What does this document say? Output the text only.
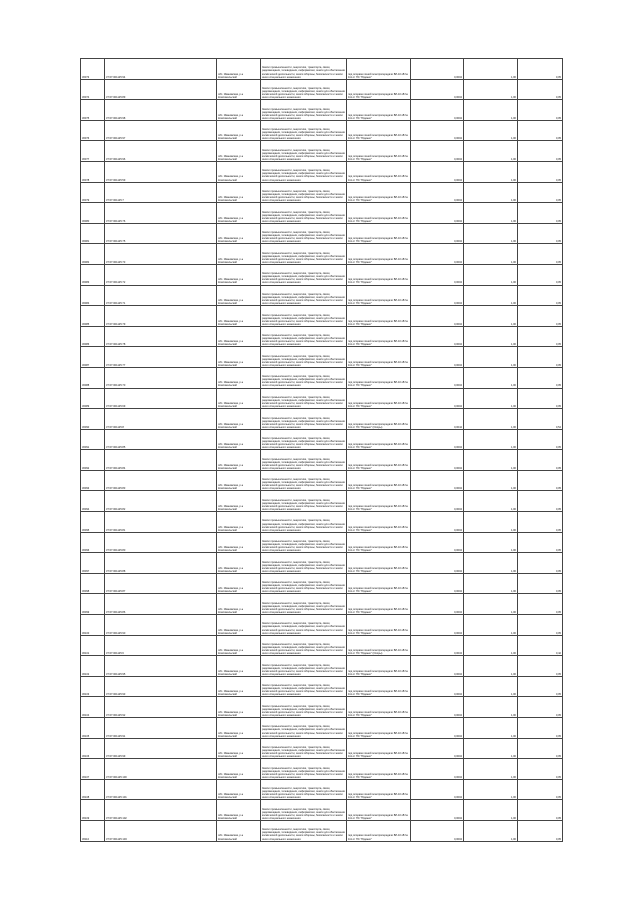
36073	37:07:001125:94	обл. Ивановская, р-н Комсомольский	Земли промышленности, энергетики, транспорта, связи, радиовещания, телевидения, информатики, земли для обеспечения космической деятельности, земли обороны, безопасности и земли иного специального назначения	под опорами линий электропередачи ВЛ-10 кВ № 111 от ПС "Юдинки"	0,0004	1,00	0,05
36074	37:07:001125:89	обл. Ивановская, р-н Комсомольский	Земли промышленности, энергетики, транспорта, связи, радиовещания, телевидения, информатики, земли для обеспечения космической деятельности, земли обороны, безопасности и земли иного специального назначения	под опорами линий электропередачи ВЛ-10 кВ № 111 от ПС "Юдинки"	0,0004	1,00	0,05
36075	37:07:001125:98	обл. Ивановская, р-н Комсомольский	Земли промышленности, энергетики, транспорта, связи, радиовещания, телевидения, информатики, земли для обеспечения космической деятельности, земли обороны, безопасности и земли иного специального назначения	под опорами линий электропередачи ВЛ-10 кВ № 111 от ПС "Юдинки"	0,0004	1,00	0,05
36076	37:07:001125:97	обл. Ивановская, р-н Комсомольский	Земли промышленности, энергетики, транспорта, связи, радиовещания, телевидения, информатики, земли для обеспечения космической деятельности, земли обороны, безопасности и земли иного специального назначения	под опорами линий электропередачи ВЛ-10 кВ № 111 от ПС "Юдинки"	0,0004	1,00	0,05
36077	37:07:001125:96	обл. Ивановская, р-н Комсомольский	Земли промышленности, энергетики, транспорта, связи, радиовещания, телевидения, информатики, земли для обеспечения космической деятельности, земли обороны, безопасности и земли иного специального назначения	под опорами линий электропередачи ВЛ-10 кВ № 111 от ПС "Юдинки"	0,0004	1,00	0,05
36078	37:07:001125:59	обл. Ивановская, р-н Комсомольский	Земли промышленности, энергетики, транспорта, связи, радиовещания, телевидения, информатики, земли для обеспечения космической деятельности, земли обороны, безопасности и земли иного специального назначения	под опорами линий электропередачи ВЛ-10 кВ № 111 от ПС "Юдинки"	0,0004	1,00	0,05
36079	37:07:001125:7	обл. Ивановская, р-н Комсомольский	Земли промышленности, энергетики, транспорта, связи, радиовещания, телевидения, информатики, земли для обеспечения космической деятельности, земли обороны, безопасности и земли иного специального назначения	под опорами линий электропередачи ВЛ-10 кВ № 111 от ПС "Юдинки"	0,0004	1,00	0,05
36080	37:07:001125:76	обл. Ивановская, р-н Комсомольский	Земли промышленности, энергетики, транспорта, связи, радиовещания, телевидения, информатики, земли для обеспечения космической деятельности, земли обороны, безопасности и земли иного специального назначения	под опорами линий электропередачи ВЛ-10 кВ № 111 от ПС "Юдинки"	0,0004	1,00	0,05
36081	37:07:001125:75	обл. Ивановская, р-н Комсомольский	Земли промышленности, энергетики, транспорта, связи, радиовещания, телевидения, информатики, земли для обеспечения космической деятельности, земли обороны, безопасности и земли иного специального назначения	под опорами линий электропередачи ВЛ-10 кВ № 111 от ПС "Юдинки"	0,0004	1,00	0,05
36082	37:07:001125:73	обл. Ивановская, р-н Комсомольский	Земли промышленности, энергетики, транспорта, связи, радиовещания, телевидения, информатики, земли для обеспечения космической деятельности, земли обороны, безопасности и земли иного специального назначения	под опорами линий электропередачи ВЛ-10 кВ № 111 от ПС "Юдинки"	0,0004	1,00	0,05
36083	37:07:001125:72	обл. Ивановская, р-н Комсомольский	Земли промышленности, энергетики, транспорта, связи, радиовещания, телевидения, информатики, земли для обеспечения космической деятельности, земли обороны, безопасности и земли иного специального назначения	под опорами линий электропередачи ВЛ-10 кВ № 111 от ПС "Юдинки"	0,0004	1,00	0,05
36084	37:07:001125:71	обл. Ивановская, р-н Комсомольский	Земли промышленности, энергетики, транспорта, связи, радиовещания, телевидения, информатики, земли для обеспечения космической деятельности, земли обороны, безопасности и земли иного специального назначения	под опорами линий электропередачи ВЛ-10 кВ № 111 от ПС "Юдинки"	0,0004	1,00	0,05
36085	37:07:001125:79	обл. Ивановская, р-н Комсомольский	Земли промышленности, энергетики, транспорта, связи, радиовещания, телевидения, информатики, земли для обеспечения космической деятельности, земли обороны, безопасности и земли иного специального назначения	под опорами линий электропередачи ВЛ-10 кВ № 111 от ПС "Юдинки"	0,0004	1,00	0,05
36086	37:07:001125:78	обл. Ивановская, р-н Комсомольский	Земли промышленности, энергетики, транспорта, связи, радиовещания, телевидения, информатики, земли для обеспечения космической деятельности, земли обороны, безопасности и земли иного специального назначения	под опорами линий электропередачи ВЛ-10 кВ № 111 от ПС "Юдинки"	0,0004	1,00	0,05
36087	37:07:001125:77	обл. Ивановская, р-н Комсомольский	Земли промышленности, энергетики, транспорта, связи, радиовещания, телевидения, информатики, земли для обеспечения космической деятельности, земли обороны, безопасности и земли иного специального назначения	под опорами линий электропередачи ВЛ-10 кВ № 111 от ПС "Юдинки"	0,0004	1,00	0,05
36088	37:07:001125:70	обл. Ивановская, р-н Комсомольский	Земли промышленности, энергетики, транспорта, связи, радиовещания, телевидения, информатики, земли для обеспечения космической деятельности, земли обороны, безопасности и земли иного специального назначения	под опорами линий электропередачи ВЛ-10 кВ № 111 от ПС "Юдинки"	0,0004	1,00	0,05
36089	37:07:001125:69	обл. Ивановская, р-н Комсомольский	Земли промышленности, энергетики, транспорта, связи, радиовещания, телевидения, информатики, земли для обеспечения космической деятельности, земли обороны, безопасности и земли иного специального назначения	под опорами линий электропередачи ВЛ-10 кВ № 111 от ПС "Юдинки"	0,0004	1,00	0,05
36090	37:07:001125:8	обл. Ивановская, р-н Комсомольский	Земли промышленности, энергетики, транспорта, связи, радиовещания, телевидения, информатики, земли для обеспечения космической деятельности, земли обороны, безопасности и земли иного специального назначения	под опорами линий электропередачи ВЛ-10 кВ № 111 от ПС "Юдинки" (Опоры)	0,0044	1,00	0,54
36091	37:07:001125:85	обл. Ивановская, р-н Комсомольский	Земли промышленности, энергетики, транспорта, связи, радиовещания, телевидения, информатики, земли для обеспечения космической деятельности, земли обороны, безопасности и земли иного специального назначения	под опорами линий электропередачи ВЛ-10 кВ № 111 от ПС "Юдинки"	0,0004	1,00	0,05
36092	37:07:001125:84	обл. Ивановская, р-н Комсомольский	Земли промышленности, энергетики, транспорта, связи, радиовещания, телевидения, информатики, земли для обеспечения космической деятельности, земли обороны, безопасности и земли иного специального назначения	под опорами линий электропередачи ВЛ-10 кВ № 111 от ПС "Юдинки"	0,0004	1,00	0,05
36093	37:07:001125:83	обл. Ивановская, р-н Комсомольский	Земли промышленности, энергетики, транспорта, связи, радиовещания, телевидения, информатики, земли для обеспечения космической деятельности, земли обороны, безопасности и земли иного специального назначения	под опорами линий электропередачи ВЛ-10 кВ № 111 от ПС "Юдинки"	0,0004	1,00	0,05
36094	37:07:001125:82	обл. Ивановская, р-н Комсомольский	Земли промышленности, энергетики, транспорта, связи, радиовещания, телевидения, информатики, земли для обеспечения космической деятельности, земли обороны, безопасности и земли иного специального назначения	под опорами линий электропередачи ВЛ-10 кВ № 111 от ПС "Юдинки"	0,0004	1,00	0,05
36095	37:07:001125:81	обл. Ивановская, р-н Комсомольский	Земли промышленности, энергетики, транспорта, связи, радиовещания, телевидения, информатики, земли для обеспечения космической деятельности, земли обороны, безопасности и земли иного специального назначения	под опорами линий электропередачи ВЛ-10 кВ № 111 от ПС "Юдинки"	0,0004	1,00	0,05
36096	37:07:001125:80	обл. Ивановская, р-н Комсомольский	Земли промышленности, энергетики, транспорта, связи, радиовещания, телевидения, информатики, земли для обеспечения космической деятельности, земли обороны, безопасности и земли иного специального назначения	под опорами линий электропередачи ВЛ-10 кВ № 111 от ПС "Юдинки"	0,0004	1,00	0,05
36097	37:07:001125:88	обл. Ивановская, р-н Комсомольский	Земли промышленности, энергетики, транспорта, связи, радиовещания, телевидения, информатики, земли для обеспечения космической деятельности, земли обороны, безопасности и земли иного специального назначения	под опорами линий электропередачи ВЛ-10 кВ № 111 от ПС "Юдинки"	0,0004	1,00	0,05
36098	37:07:001125:87	обл. Ивановская, р-н Комсомольский	Земли промышленности, энергетики, транспорта, связи, радиовещания, телевидения, информатики, земли для обеспечения космической деятельности, земли обороны, безопасности и земли иного специального назначения	под опорами линий электропередачи ВЛ-10 кВ № 111 от ПС "Юдинки"	0,0004	1,00	0,05
36099	37:07:001125:86	обл. Ивановская, р-н Комсомольский	Земли промышленности, энергетики, транспорта, связи, радиовещания, телевидения, информатики, земли для обеспечения космической деятельности, земли обороны, безопасности и земли иного специального назначения	под опорами линий электропередачи ВЛ-10 кВ № 111 от ПС "Юдинки"	0,0004	1,00	0,05
36100	37:07:001125:90	обл. Ивановская, р-н Комсомольский	Земли промышленности, энергетики, транспорта, связи, радиовещания, телевидения, информатики, земли для обеспечения космической деятельности, земли обороны, безопасности и земли иного специального назначения	под опорами линий электропередачи ВЛ-10 кВ № 111 от ПС "Юдинки"	0,0004	1,00	0,05
36101	37:07:001125:6	обл. Ивановская, р-н Комсомольский	Земли промышленности, энергетики, транспорта, связи, радиовещания, телевидения, информатики, земли для обеспечения космической деятельности, земли обороны, безопасности и земли иного специального назначения	под опорами линий электропередачи ВЛ-10 кВ № 111 от ПС "Юдинки" (Опоры)	0,0034	1,00	0,42
36102	37:07:001125:95	обл. Ивановская, р-н Комсомольский	Земли промышленности, энергетики, транспорта, связи, радиовещания, телевидения, информатики, земли для обеспечения космической деятельности, земли обороны, безопасности и земли иного специального назначения	под опорами линий электропередачи ВЛ-10 кВ № 111 от ПС "Юдинки"	0,0004	1,00	0,05
36103	37:07:001125:93	обл. Ивановская, р-н Комсомольский	Земли промышленности, энергетики, транспорта, связи, радиовещания, телевидения, информатики, земли для обеспечения космической деятельности, земли обороны, безопасности и земли иного специального назначения	под опорами линий электропередачи ВЛ-10 кВ № 111 от ПС "Юдинки"	0,0004	1,00	0,05
36104	37:07:001125:92	обл. Ивановская, р-н Комсомольский	Земли промышленности, энергетики, транспорта, связи, радиовещания, телевидения, информатики, земли для обеспечения космической деятельности, земли обороны, безопасности и земли иного специального назначения	под опорами линий электропередачи ВЛ-10 кВ № 111 от ПС "Юдинки"	0,0004	1,00	0,05
36105	37:07:001125:91	обл. Ивановская, р-н Комсомольский	Земли промышленности, энергетики, транспорта, связи, радиовещания, телевидения, информатики, земли для обеспечения космической деятельности, земли обороны, безопасности и земли иного специального назначения	под опорами линий электропередачи ВЛ-10 кВ № 111 от ПС "Юдинки"	0,0004	1,00	0,05
36106	37:07:001125:99	обл. Ивановская, р-н Комсомольский	Земли промышленности, энергетики, транспорта, связи, радиовещания, телевидения, информатики, земли для обеспечения космической деятельности, земли обороны, безопасности и земли иного специального назначения	под опорами линий электропередачи ВЛ-10 кВ № 111 от ПС "Юдинки"	0,0004	1,00	0,05
36107	37:07:001125:100	обл. Ивановская, р-н Комсомольский	Земли промышленности, энергетики, транспорта, связи, радиовещания, телевидения, информатики, земли для обеспечения космической деятельности, земли обороны, безопасности и земли иного специального назначения	под опорами линий электропередачи ВЛ-10 кВ № 111 от ПС "Юдинки"	0,0004	1,00	0,05
36108	37:07:001125:101	обл. Ивановская, р-н Комсомольский	Земли промышленности, энергетики, транспорта, связи, радиовещания, телевидения, информатики, земли для обеспечения космической деятельности, земли обороны, безопасности и земли иного специального назначения	под опорами линий электропередачи ВЛ-10 кВ № 111 от ПС "Юдинки"	0,0004	1,00	0,05
36109	37:07:001125:102	обл. Ивановская, р-н Комсомольский	Земли промышленности, энергетики, транспорта, связи, радиовещания, телевидения, информатики, земли для обеспечения космической деятельности, земли обороны, безопасности и земли иного специального назначения	под опорами линий электропередачи ВЛ-10 кВ № 111 от ПС "Юдинки"	0,0004	1,00	0,05
36110	37:07:001125:103	обл. Ивановская, р-н Комсомольский	Земли промышленности, энергетики, транспорта, связи, радиовещания, телевидения, информатики, земли для обеспечения космической деятельности, земли обороны, безопасности и земли иного специального назначения	под опорами линий электропередачи ВЛ-10 кВ № 111 от ПС "Юдинки"	0,0004	1,00	0,05
